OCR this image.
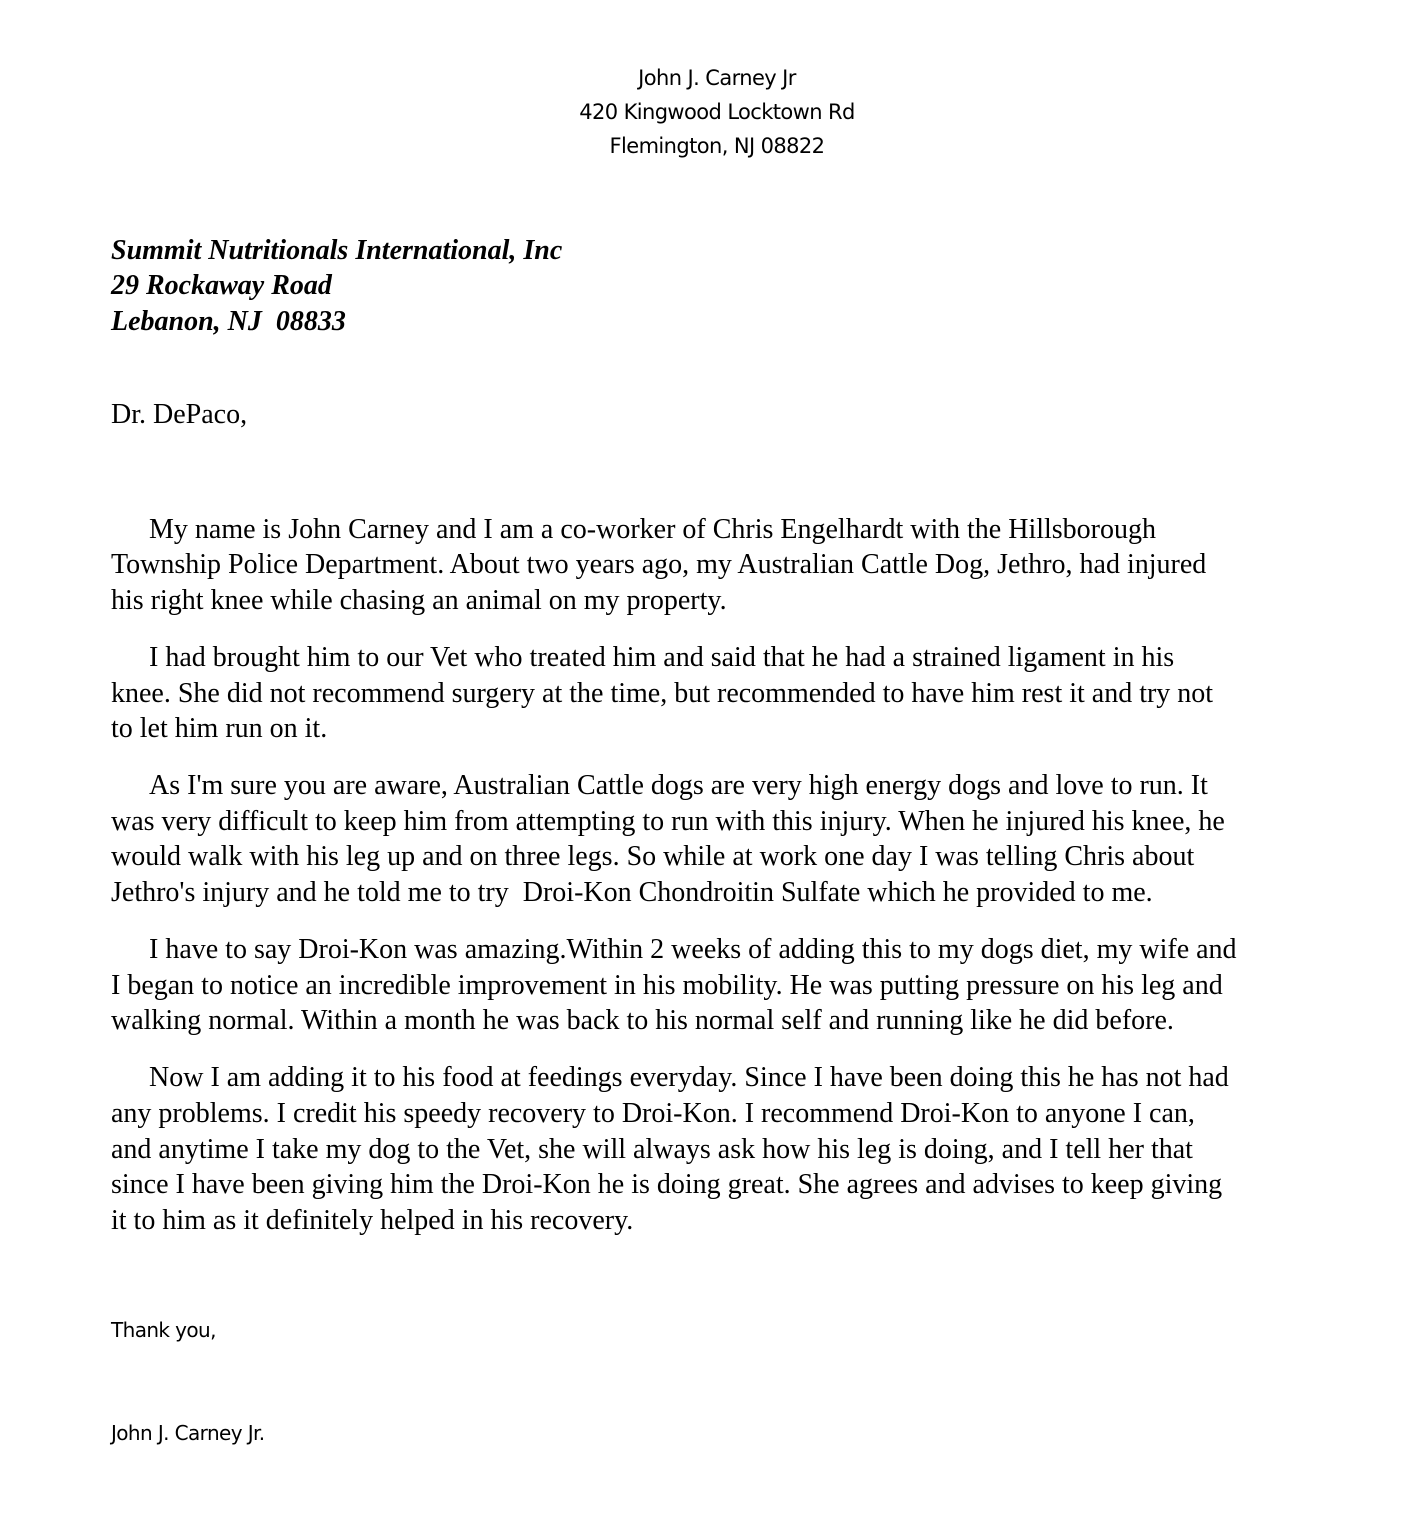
John J. Carney Jr
420 Kingwood Locktown Rd
Flemington, NJ 08822
Summit Nutritionals International, Inc
29 Rockaway Road
Lebanon, NJ  08833
Dr. DePaco,
My name is John Carney and I am a co-worker of Chris Engelhardt with the Hillsborough
Township Police Department. About two years ago, my Australian Cattle Dog, Jethro, had injured
his right knee while chasing an animal on my property.
I had brought him to our Vet who treated him and said that he had a strained ligament in his
knee. She did not recommend surgery at the time, but recommended to have him rest it and try not
to let him run on it.
As I'm sure you are aware, Australian Cattle dogs are very high energy dogs and love to run. It
was very difficult to keep him from attempting to run with this injury. When he injured his knee, he
would walk with his leg up and on three legs. So while at work one day I was telling Chris about
Jethro's injury and he told me to try  Droi-Kon Chondroitin Sulfate which he provided to me.
I have to say Droi-Kon was amazing.Within 2 weeks of adding this to my dogs diet, my wife and
I began to notice an incredible improvement in his mobility. He was putting pressure on his leg and
walking normal. Within a month he was back to his normal self and running like he did before.
Now I am adding it to his food at feedings everyday. Since I have been doing this he has not had
any problems. I credit his speedy recovery to Droi-Kon. I recommend Droi-Kon to anyone I can,
and anytime I take my dog to the Vet, she will always ask how his leg is doing, and I tell her that
since I have been giving him the Droi-Kon he is doing great. She agrees and advises to keep giving
it to him as it definitely helped in his recovery.
Thank you,
John J. Carney Jr.
